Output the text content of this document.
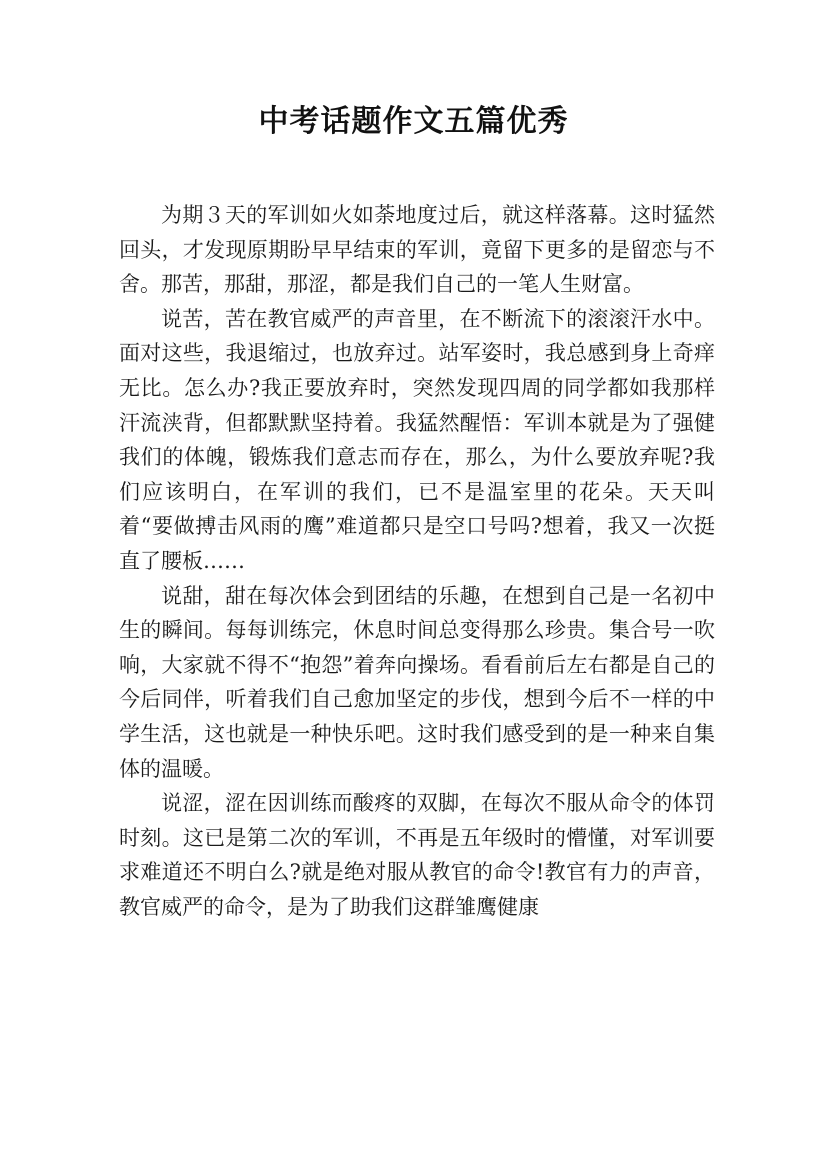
中考话题作文五篇优秀

为期３天的军训如火如荼地度过后，就这样落幕。这时猛然回头，才发现原期盼早早结束的军训，竟留下更多的是留恋与不舍。那苦，那甜，那涩，都是我们自己的一笔人生财富。

说苦，苦在教官威严的声音里，在不断流下的滚滚汗水中。面对这些，我退缩过，也放弃过。站军姿时，我总感到身上奇痒无比。怎么办?我正要放弃时，突然发现四周的同学都如我那样汗流浃背，但都默默坚持着。我猛然醒悟：军训本就是为了强健我们的体魄，锻炼我们意志而存在，那么，为什么要放弃呢?我们应该明白，在军训的我们，已不是温室里的花朵。天天叫着“要做搏击风雨的鹰”难道都只是空口号吗?想着，我又一次挺直了腰板……

说甜，甜在每次体会到团结的乐趣，在想到自己是一名初中生的瞬间。每每训练完，休息时间总变得那么珍贵。集合号一吹响，大家就不得不“抱怨”着奔向操场。看看前后左右都是自己的今后同伴，听着我们自己愈加坚定的步伐，想到今后不一样的中学生活，这也就是一种快乐吧。这时我们感受到的是一种来自集体的温暖。

说涩，涩在因训练而酸疼的双脚，在每次不服从命令的体罚时刻。这已是第二次的军训，不再是五年级时的懵懂，对军训要求难道还不明白么?就是绝对服从教官的命令!教官有力的声音，教官威严的命令，是为了助我们这群雏鹰健康
